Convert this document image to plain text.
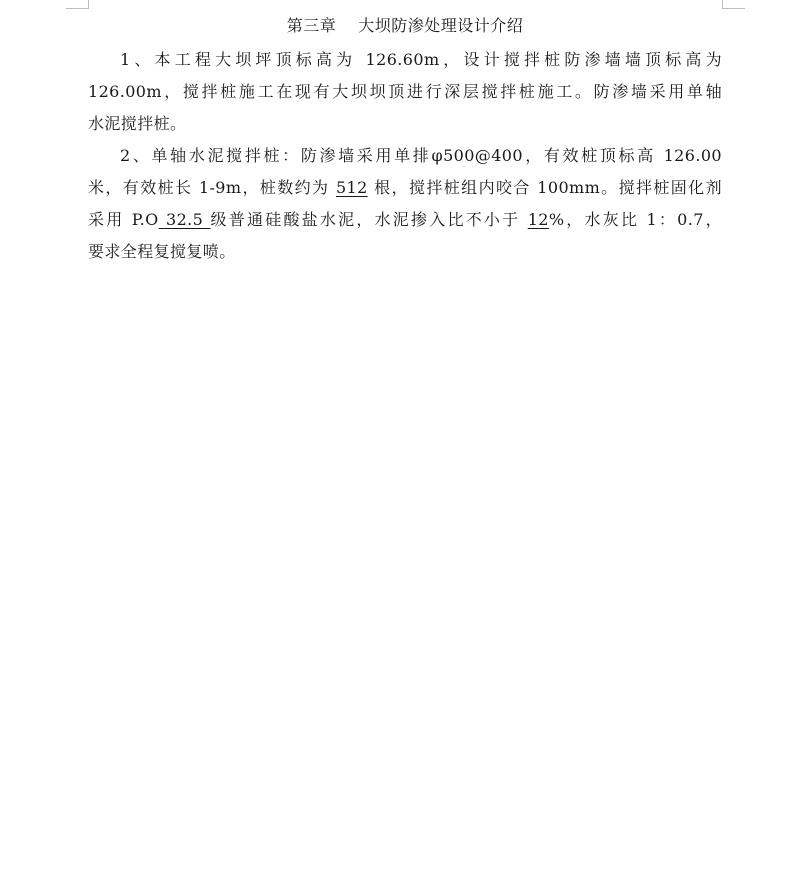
第三章　 大坝防渗处理设计介绍

1、本工程大坝坪顶标高为 126.60m，设计搅拌桩防渗墙墙顶标高为
126.00m，搅拌桩施工在现有大坝坝顶进行深层搅拌桩施工。防渗墙采用单轴
水泥搅拌桩。

2、单轴水泥搅拌桩：防渗墙采用单排φ500@400，有效桩顶标高 126.00
米，有效桩长 1-9m，桩数约为 512 根，搅拌桩组内咬合 100mm。搅拌桩固化剂
采用 P.O 32.5 级普通硅酸盐水泥，水泥掺入比不小于 12%，水灰比 1：0.7，
要求全程复搅复喷。
